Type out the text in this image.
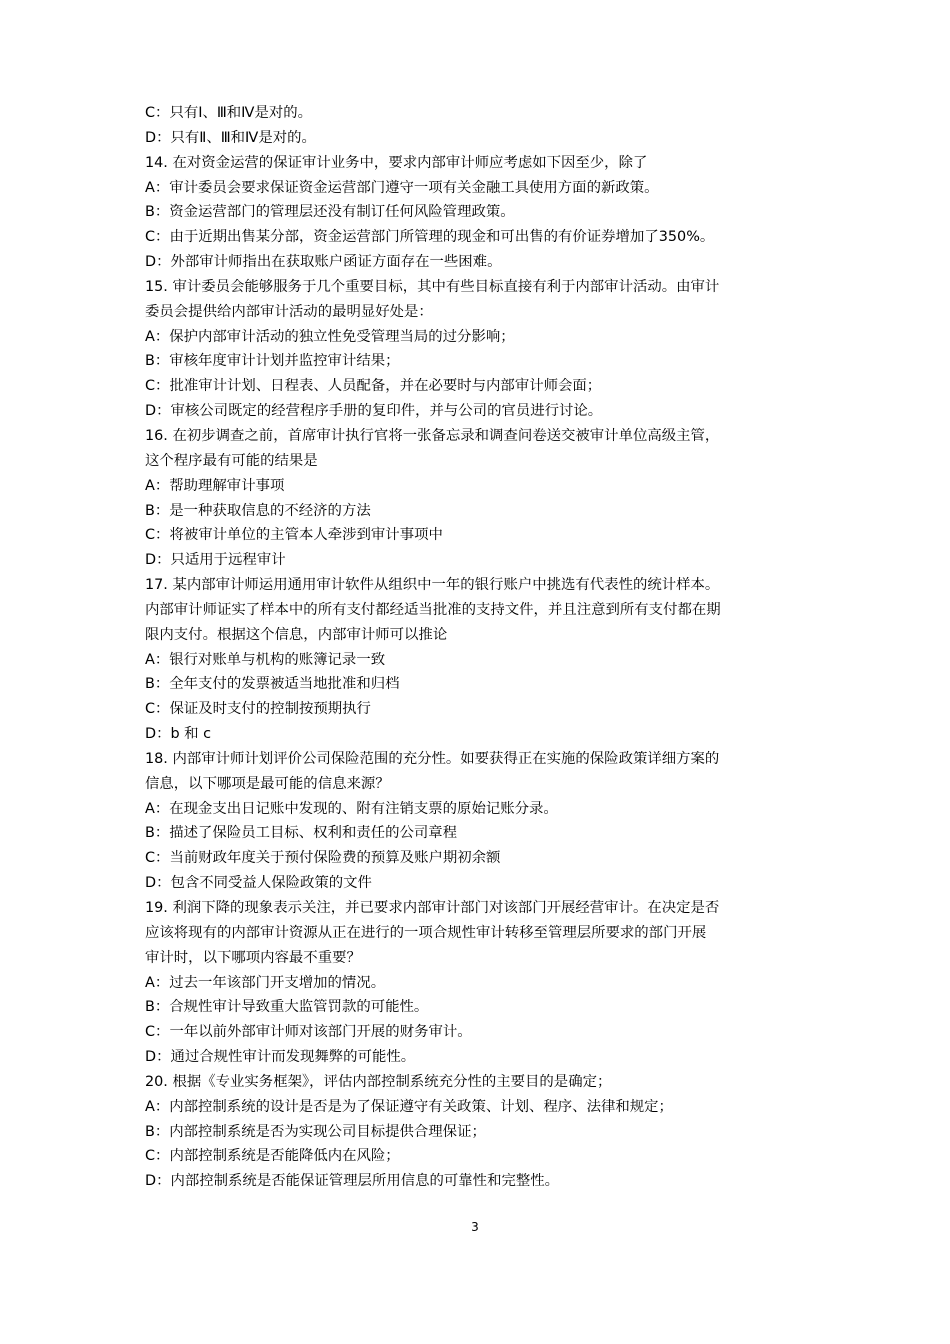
C：只有Ⅰ、Ⅲ和Ⅳ是对的。
D：只有Ⅱ、Ⅲ和Ⅳ是对的。
14. 在对资金运营的保证审计业务中，要求内部审计师应考虑如下因至少，除了
A：审计委员会要求保证资金运营部门遵守一项有关金融工具使用方面的新政策。
B：资金运营部门的管理层还没有制订任何风险管理政策。
C：由于近期出售某分部，资金运营部门所管理的现金和可出售的有价证券增加了350%。
D：外部审计师指出在获取账户函证方面存在一些困难。
15. 审计委员会能够服务于几个重要目标，其中有些目标直接有利于内部审计活动。由审计
委员会提供给内部审计活动的最明显好处是：
A：保护内部审计活动的独立性免受管理当局的过分影响；
B：审核年度审计计划并监控审计结果；
C：批准审计计划、日程表、人员配备，并在必要时与内部审计师会面；
D：审核公司既定的经营程序手册的复印件，并与公司的官员进行讨论。
16. 在初步调查之前，首席审计执行官将一张备忘录和调查问卷送交被审计单位高级主管，
这个程序最有可能的结果是
A：帮助理解审计事项
B：是一种获取信息的不经济的方法
C：将被审计单位的主管本人牵涉到审计事项中
D：只适用于远程审计
17. 某内部审计师运用通用审计软件从组织中一年的银行账户中挑选有代表性的统计样本。
内部审计师证实了样本中的所有支付都经适当批准的支持文件，并且注意到所有支付都在期
限内支付。根据这个信息，内部审计师可以推论
A：银行对账单与机构的账簿记录一致
B：全年支付的发票被适当地批准和归档
C：保证及时支付的控制按预期执行
D：b 和 c
18. 内部审计师计划评价公司保险范围的充分性。如要获得正在实施的保险政策详细方案的
信息，以下哪项是最可能的信息来源？
A：在现金支出日记账中发现的、附有注销支票的原始记账分录。
B：描述了保险员工目标、权利和责任的公司章程
C：当前财政年度关于预付保险费的预算及账户期初余额
D：包含不同受益人保险政策的文件
19. 利润下降的现象表示关注，并已要求内部审计部门对该部门开展经营审计。在决定是否
应该将现有的内部审计资源从正在进行的一项合规性审计转移至管理层所要求的部门开展
审计时，以下哪项内容最不重要？
A：过去一年该部门开支增加的情况。
B：合规性审计导致重大监管罚款的可能性。
C：一年以前外部审计师对该部门开展的财务审计。
D：通过合规性审计而发现舞弊的可能性。
20. 根据《专业实务框架》，评估内部控制系统充分性的主要目的是确定；
A：内部控制系统的设计是否是为了保证遵守有关政策、计划、程序、法律和规定；
B：内部控制系统是否为实现公司目标提供合理保证；
C：内部控制系统是否能降低内在风险；
D：内部控制系统是否能保证管理层所用信息的可靠性和完整性。
3
